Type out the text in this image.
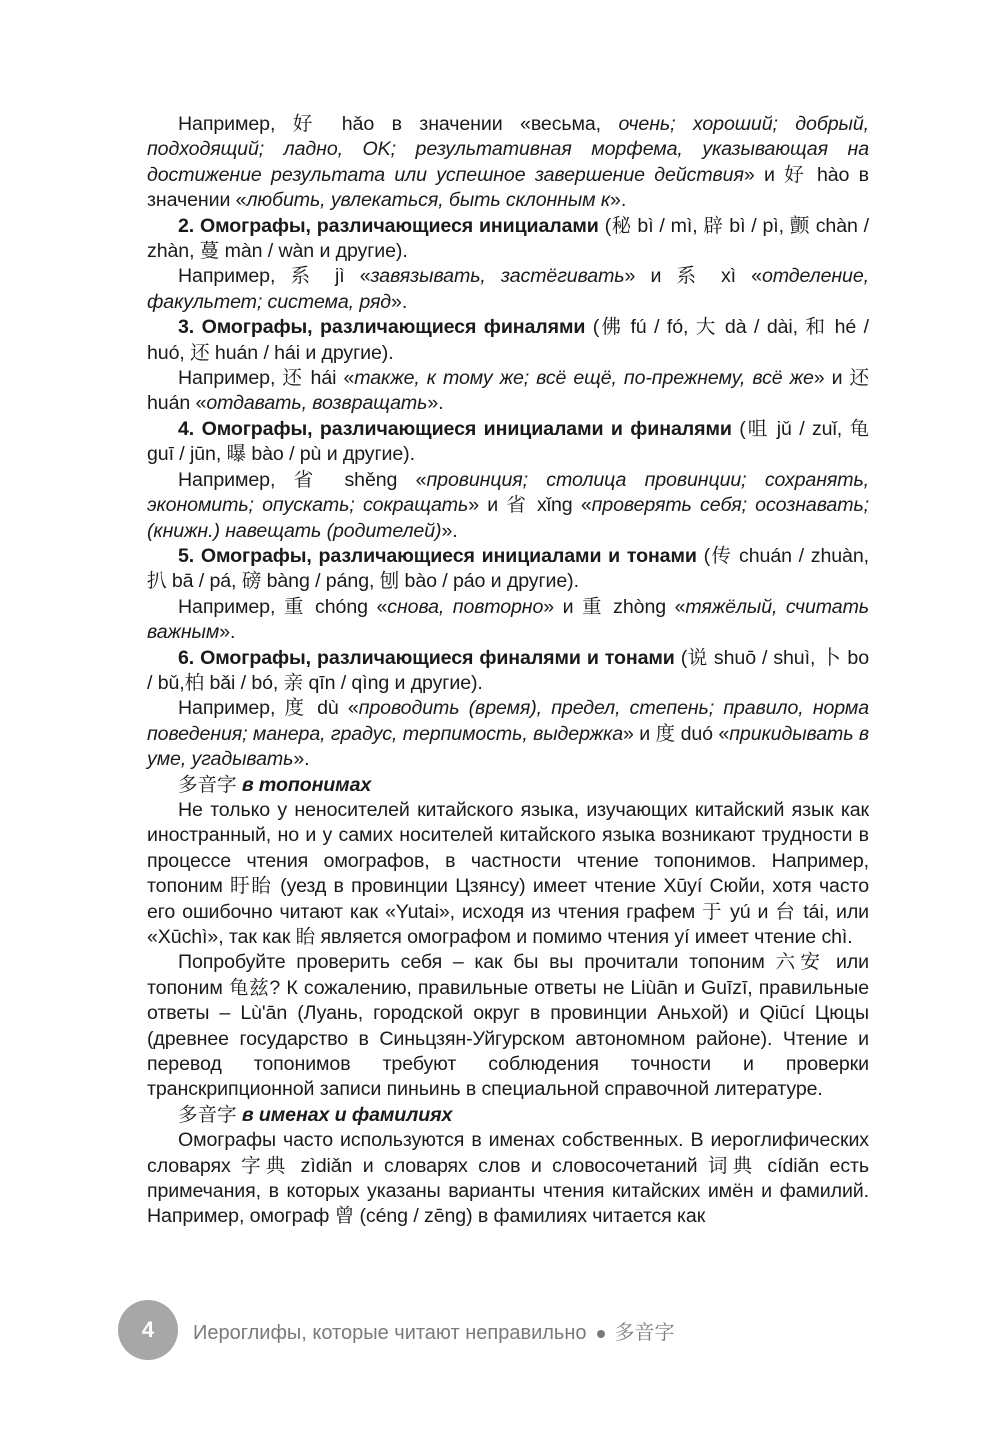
Например, 好 hǎo в значении «весьма, очень; хороший; добрый, подходящий; ладно, OK; результативная морфема, указывающая на достижение результата или успешное завершение действия» и 好 hào в значении «любить, увлекаться, быть склонным к».

2. Омографы, различающиеся инициалами (秘 bì / mì, 辟 bì / pì, 颤 chàn / zhàn, 蔓 màn / wàn и другие).

Например, 系 jì «завязывать, застёгивать» и 系 xì «отделение, факультет; система, ряд».

3. Омографы, различающиеся финалями (佛 fú / fó, 大 dà / dài, 和 hé / huó, 还 huán / hái и другие).

Например, 还 hái «также, к тому же; всё ещё, по-прежнему, всё же» и 还 huán «отдавать, возвращать».

4. Омографы, различающиеся инициалами и финалями (咀 jǔ / zuǐ, 龟 guī / jūn, 曝 bào / pù и другие).

Например, 省 shěng «провинция; столица провинции; сохранять, экономить; опускать; сокращать» и 省 xǐng «проверять себя; осознавать; (книжн.) навещать (родителей)».

5. Омографы, различающиеся инициалами и тонами (传 chuán / zhuàn, 扒 bā / pá, 磅 bàng / páng, 刨 bào / páo и другие).

Например, 重 chóng «снова, повторно» и 重 zhòng «тяжёлый, считать важным».

6. Омографы, различающиеся финалями и тонами (说 shuō / shuì, 卜 bo / bǔ,柏 bǎi / bó, 亲 qīn / qìng и другие).

Например, 度 dù «проводить (время), предел, степень; правило, норма поведения; манера, градус, терпимость, выдержка» и 度 duó «прикидывать в уме, угадывать».

多音字 в топонимах

Не только у неносителей китайского языка, изучающих китайский язык как иностранный, но и у самих носителей китайского языка возникают трудности в процессе чтения омографов, в частности чтение топонимов. Например, топоним 盱眙 (уезд в провинции Цзянсу) имеет чтение Xūyí Сюйи, хотя часто его ошибочно читают как «Yutai», исходя из чтения графем 于 yú и 台 tái, или «Xūchì», так как 眙 является омографом и помимо чтения yí имеет чтение chì.

Попробуйте проверить себя – как бы вы прочитали топоним 六安 или топоним 龟兹? К сожалению, правильные ответы не Liùān и Guīzī, правильные ответы – Lù'ān (Луань, городской округ в провинции Аньхой) и Qiūcí Цюцы (древнее государство в Синьцзян-Уйгурском автономном районе). Чтение и перевод топонимов требуют соблюдения точности и проверки транскрипционной записи пиньинь в специальной справочной литературе.

多音字 в именах и фамилиях

Омографы часто используются в именах собственных. В иероглифических словарях 字典 zìdiǎn и словарях слов и словосочетаний 词典 cídiǎn есть примечания, в которых указаны варианты чтения китайских имён и фамилий. Например, омограф 曾 (céng / zēng) в фамилиях читается как

4	Иероглифы, которые читают неправильно 多音字
